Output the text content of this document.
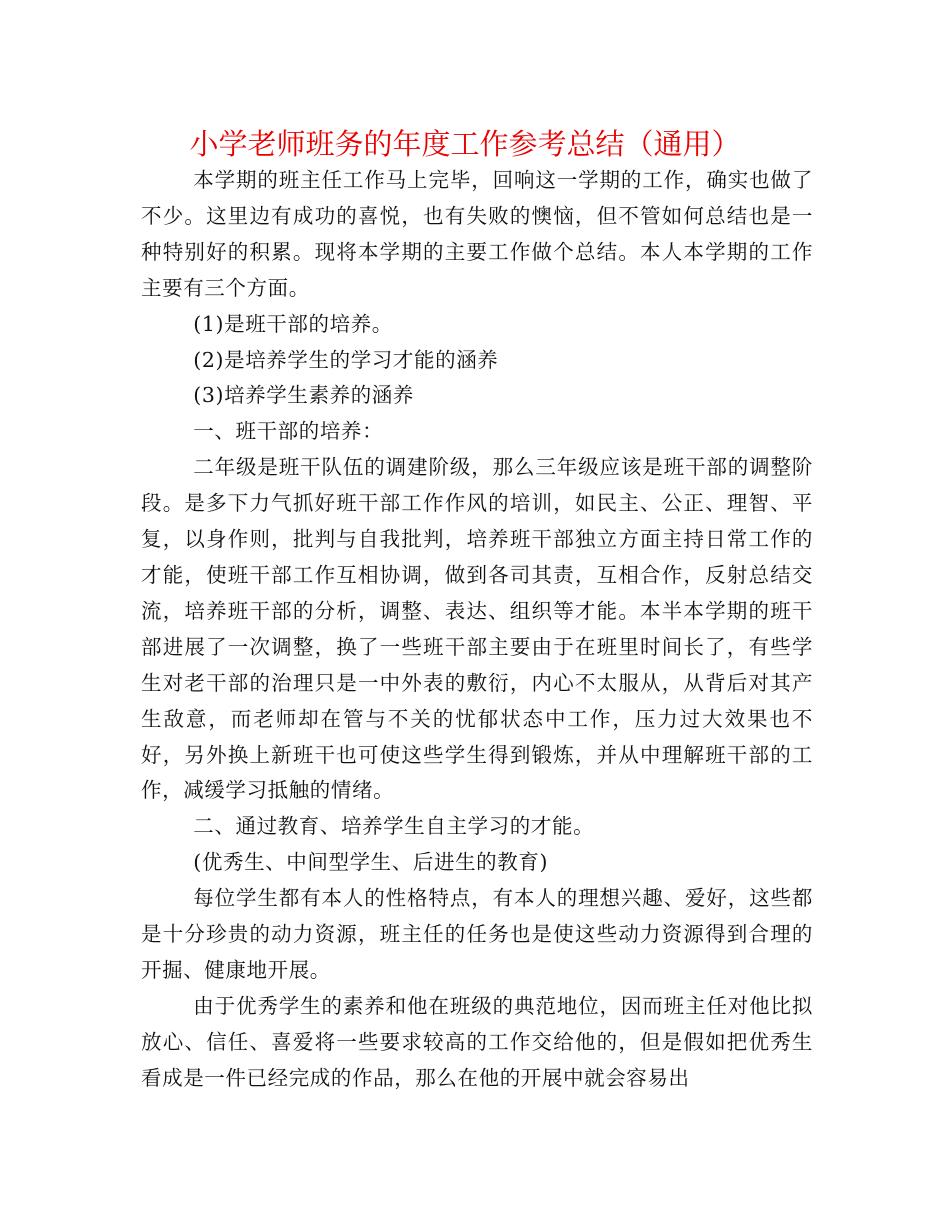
小学老师班务的年度工作参考总结（通用）

本学期的班主任工作马上完毕，回响这一学期的工作，确实也做了不少。这里边有成功的喜悦，也有失败的懊恼，但不管如何总结也是一种特别好的积累。现将本学期的主要工作做个总结。本人本学期的工作主要有三个方面。

(1)是班干部的培养。

(2)是培养学生的学习才能的涵养

(3)培养学生素养的涵养

一、班干部的培养：

二年级是班干队伍的调建阶级，那么三年级应该是班干部的调整阶段。是多下力气抓好班干部工作作风的培训，如民主、公正、理智、平复，以身作则，批判与自我批判，培养班干部独立方面主持日常工作的才能，使班干部工作互相协调，做到各司其责，互相合作，反射总结交流，培养班干部的分析，调整、表达、组织等才能。本半本学期的班干部进展了一次调整，换了一些班干部主要由于在班里时间长了，有些学生对老干部的治理只是一中外表的敷衍，内心不太服从，从背后对其产生敌意，而老师却在管与不关的忧郁状态中工作，压力过大效果也不好，另外换上新班干也可使这些学生得到锻炼，并从中理解班干部的工作，减缓学习抵触的情绪。

二、通过教育、培养学生自主学习的才能。

(优秀生、中间型学生、后进生的教育)

每位学生都有本人的性格特点，有本人的理想兴趣、爱好，这些都是十分珍贵的动力资源，班主任的任务也是使这些动力资源得到合理的开掘、健康地开展。

由于优秀学生的素养和他在班级的典范地位，因而班主任对他比拟放心、信任、喜爱将一些要求较高的工作交给他的，但是假如把优秀生看成是一件已经完成的作品，那么在他的开展中就会容易出
